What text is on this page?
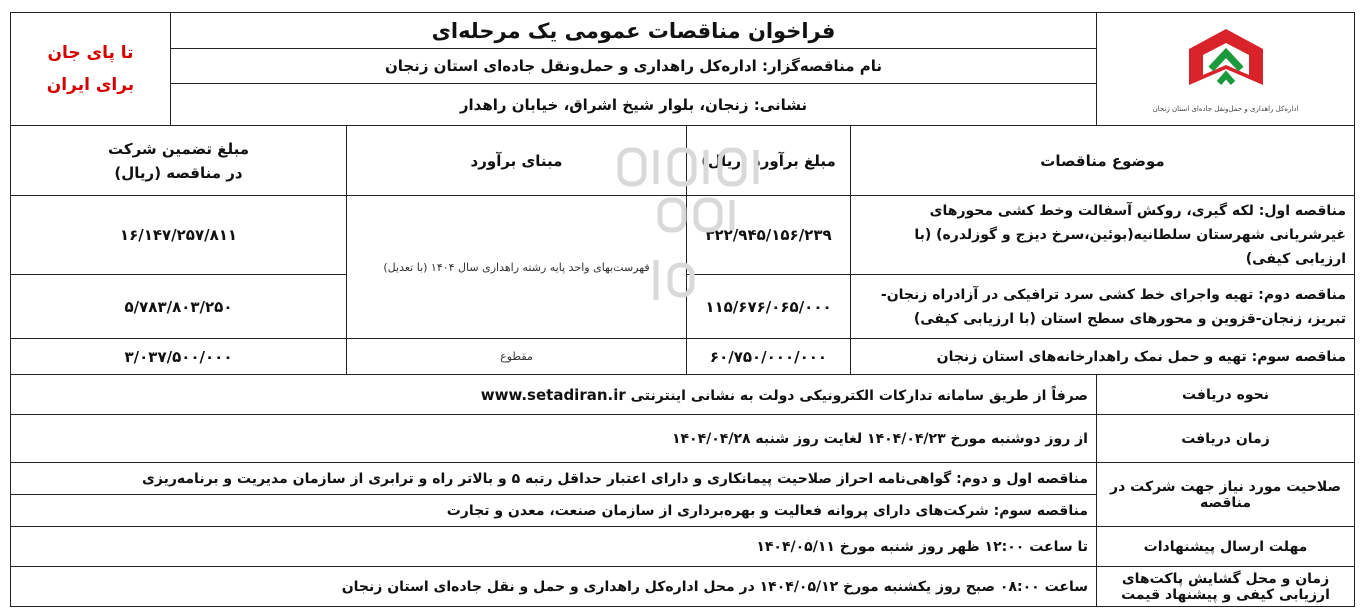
اداره‌کل راهداری و حمل‌ونقل جاده‌ای استان زنجان	فراخوان مناقصات عمومی یک مرحله‌ای				تا پای جان
برای ایران

	نام مناقصه‌گزار: اداره‌کل راهداری و حمل‌ونقل جاده‌ای استان زنجان				
	نشانی: زنجان، بلوار شیخ اشراق، خیابان راهدار				
موضوع مناقصات		مبلغ برآورد (ریال)	مبنای برآورد	مبلغ تضمین شرکت
در مناقصه (ریال)	

مناقصه اول: لکه گیری، روکش آسفالت وخط کشی محورهای غیرشریانی شهرستان سلطانیه(بوئین،سرخ دیزج و گوزلدره) (با ارزیابی کیفی)		۳۲۲/۹۴۵/۱۵۶/۲۳۹	فهرست‌بهای واحد پایه رشته راهداری سال ۱۴۰۴ (با تعدیل)	۱۶/۱۴۷/۲۵۷/۸۱۱	
مناقصه دوم: تهیه واجرای خط کشی سرد ترافیکی در آزادراه زنجان-تبریز، زنجان-قزوین و محورهای سطح استان (با ارزیابی کیفی)		۱۱۵/۶۷۶/۰۶۵/۰۰۰		۵/۷۸۳/۸۰۳/۲۵۰	
مناقصه سوم: تهیه و حمل نمک راهدارخانه‌های استان زنجان		۶۰/۷۵۰/۰۰۰/۰۰۰	مقطوع	۳/۰۳۷/۵۰۰/۰۰۰	
نحوه دریافت	صرفاً از طریق سامانه تدارکات الکترونیکی دولت به نشانی اینترنتی www.setadiran.ir				
زمان دریافت	از روز دوشنبه مورخ ۱۴۰۴/۰۴/۲۳ لغایت روز شنبه ۱۴۰۴/۰۴/۲۸				
صلاحیت مورد نیاز جهت شرکت در مناقصه	مناقصه اول و دوم: گواهی‌نامه احراز صلاحیت پیمانکاری و دارای اعتبار حداقل رتبه ۵ و بالاتر راه و ترابری از سازمان مدیریت و برنامه‌ریزی				
	مناقصه سوم: شرکت‌های دارای پروانه فعالیت و بهره‌برداری از سازمان صنعت، معدن و تجارت				
مهلت ارسال پیشنهادات	تا ساعت ۱۲:۰۰ ظهر روز شنبه مورخ ۱۴۰۴/۰۵/۱۱				
زمان و محل گشایش پاکت‌های ارزیابی کیفی و پیشنهاد قیمت	ساعت ۰۸:۰۰ صبح روز یکشنبه مورخ ۱۴۰۴/۰۵/۱۲ در محل اداره‌کل راهداری و حمل و نقل جاده‌ای استان زنجان				
